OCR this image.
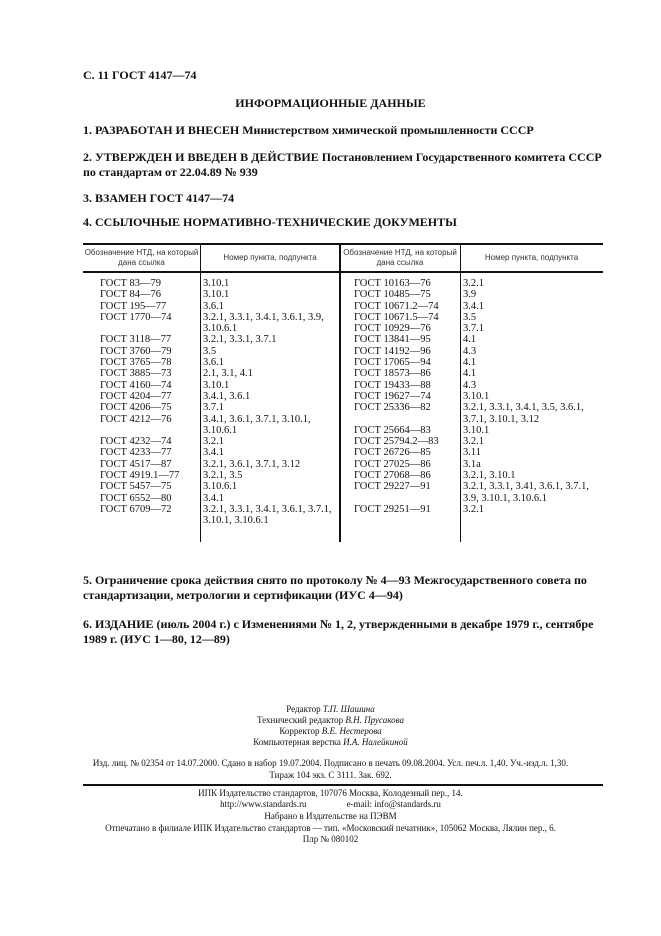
С. 11 ГОСТ 4147—74
ИНФОРМАЦИОННЫЕ ДАННЫЕ
1. РАЗРАБОТАН И ВНЕСЕН Министерством химической промышленности СССР
2. УТВЕРЖДЕН И ВВЕДЕН В ДЕЙСТВИЕ Постановлением Государственного комитета СССР по стандартам от 22.04.89 № 939
3. ВЗАМЕН ГОСТ 4147—74
4. ССЫЛОЧНЫЕ НОРМАТИВНО-ТЕХНИЧЕСКИЕ ДОКУМЕНТЫ
Обозначение НТД, на который дана ссылка
Номер пункта, подпункта
Обозначение НТД, на который дана ссылка
Номер пункта, подпункта
ГОСТ 83—79	3.10.1
ГОСТ 84—76	3.10.1
ГОСТ 195—77	3.6.1
ГОСТ 1770—74	3.2.1, 3.3.1, 3.4.1, 3.6.1, 3.9, 3.10.6.1
ГОСТ 3118—77	3.2.1, 3.3.1, 3.7.1
ГОСТ 3760—79	3.5
ГОСТ 3765—78	3.6.1
ГОСТ 3885—73	2.1, 3.1, 4.1
ГОСТ 4160—74	3.10.1
ГОСТ 4204—77	3.4.1, 3.6.1
ГОСТ 4206—75	3.7.1
ГОСТ 4212—76	3.4.1, 3.6.1, 3.7.1, 3.10.1, 3.10.6.1
ГОСТ 4232—74	3.2.1
ГОСТ 4233—77	3.4.1
ГОСТ 4517—87	3.2.1, 3.6.1, 3.7.1, 3.12
ГОСТ 4919.1—77	3.2.1, 3.5
ГОСТ 5457—75	3.10.6.1
ГОСТ 6552—80	3.4.1
ГОСТ 6709—72	3.2.1, 3.3.1, 3.4.1, 3.6.1, 3.7.1, 3.10.1, 3.10.6.1
ГОСТ 10163—76	3.2.1
ГОСТ 10485—75	3.9
ГОСТ 10671.2—74	3.4.1
ГОСТ 10671.5—74	3.5
ГОСТ 10929—76	3.7.1
ГОСТ 13841—95	4.1
ГОСТ 14192—96	4.3
ГОСТ 17065—94	4.1
ГОСТ 18573—86	4.1
ГОСТ 19433—88	4.3
ГОСТ 19627—74	3.10.1
ГОСТ 25336—82	3.2.1, 3.3.1, 3.4.1, 3.5, 3.6.1, 3.7.1, 3.10.1, 3.12
ГОСТ 25664—83	3.10.1
ГОСТ 25794.2—83	3.2.1
ГОСТ 26726—85	3.11
ГОСТ 27025—86	3.1а
ГОСТ 27068—86	3.2.1, 3.10.1
ГОСТ 29227—91	3.2.1, 3.3.1, 3.41, 3.6.1, 3.7.1, 3.9, 3.10.1, 3.10.6.1
ГОСТ 29251—91	3.2.1
5. Ограничение срока действия снято по протоколу № 4—93 Межгосударственного совета по стандартизации, метрологии и сертификации (ИУС 4—94)
6. ИЗДАНИЕ (июль 2004 г.) с Изменениями № 1, 2, утвержденными в декабре 1979 г., сентябре 1989 г. (ИУС 1—80, 12—89)
Редактор Т.П. Шашина
Технический редактор В.Н. Прусакова
Корректор В.Е. Нестерова
Компьютерная верстка И.А. Налейкиной
Изд. лиц. № 02354 от 14.07.2000. Сдано в набор 19.07.2004. Подписано в печать 09.08.2004. Усл. печ.л. 1,40. Уч.-изд.л. 1,30.
Тираж 104 экз. С 3111. Зак. 692.
ИПК Издательство стандартов, 107076 Москва, Колодезный пер., 14.
http://www.standards.ru	e-mail: info@standards.ru
Набрано в Издательстве на ПЭВМ
Отпечатано в филиале ИПК Издательство стандартов — тип. «Московский печатник», 105062 Москва, Лялин пер., 6.
Плр № 080102
